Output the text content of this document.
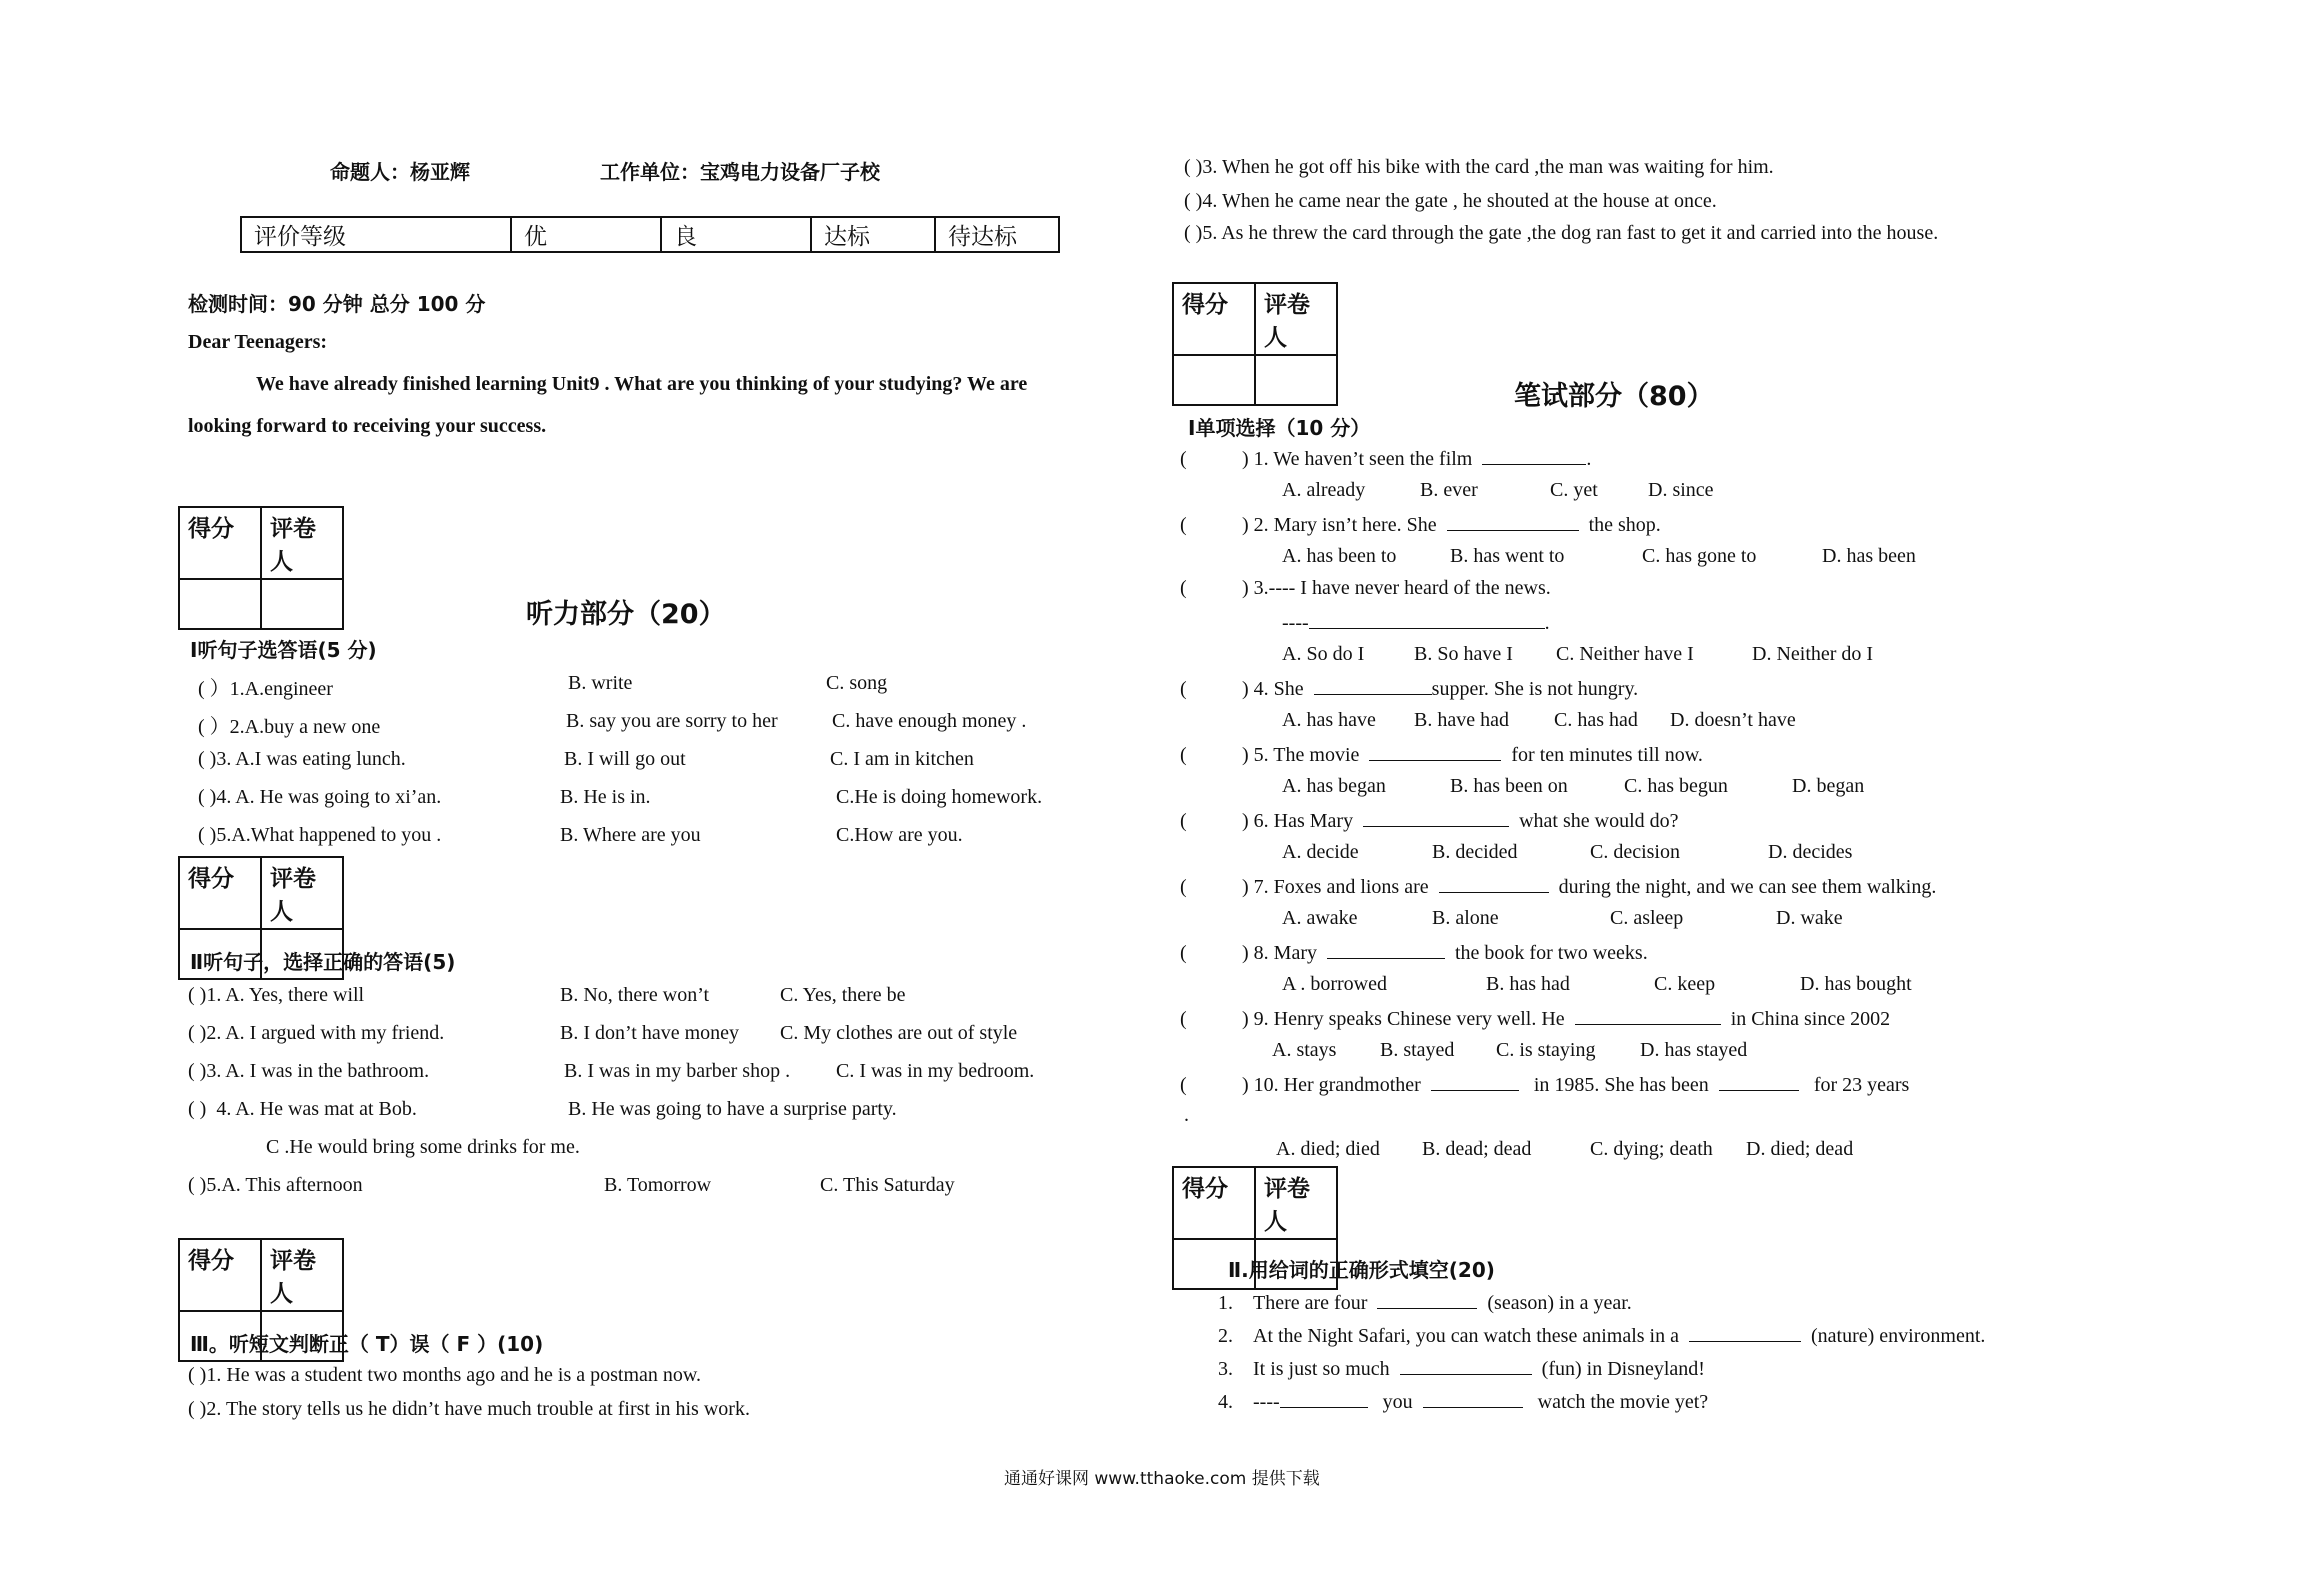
命题人：杨亚辉	工作单位：宝鸡电力设备厂子校
评价等级	优	良	达标	待达标
检测时间：90 分钟 总分 100 分
Dear Teenagers:
We have already finished learning Unit9 . What are you thinking of your studying? We are
looking forward to receiving your success.
得分	评卷人

听力部分（20）
Ⅰ听句子选答语(5 分)
( ）1.A.engineer	B. write	C. song
( ）2.A.buy a new one	B. say you are sorry to her	C. have enough money .
( )3. A.I was eating lunch.	B. I will go out	C. I am in kitchen
( )4. A. He was going to xi’an.	B. He is in.	C.He is doing homework.
( )5.A.What happened to you .	B. Where are you	C.How are you.
得分	评卷人

Ⅱ听句子，选择正确的答语(5)
( )1. A. Yes, there will	B. No, there won’t	C. Yes, there be
( )2. A. I argued with my friend.	B. I don’t have money C. My clothes are out of style
( )3. A. I was in the bathroom.	B. I was in my barber shop . C. I was in my bedroom.
( ) 4. A. He was mat at Bob.	B. He was going to have a surprise party.
C .He would bring some drinks for me.
( )5.A. This afternoon	B. Tomorrow	C. This Saturday
得分	评卷人

Ⅲ。听短文判断正（ T）误（ F ）(10)
( )1. He was a student two months ago and he is a postman now.
( )2. The story tells us he didn’t have much trouble at first in his work.
( )3. When he got off his bike with the card ,the man was waiting for him.
( )4. When he came near the gate , he shouted at the house at once.
( )5. As he threw the card through the gate ,the dog ran fast to get it and carried into the house.
得分	评卷人

笔试部分（80）
Ⅰ单项选择（10 分）
(	) 1. We haven’t seen the film	.
A. already	B. ever	C. yet	D. since
(	) 2. Mary isn’t here. She	the shop.
A. has been to	B. has went to	C. has gone to	D. has been
(	) 3.---- I have never heard of the news.
----	.
A. So do I B. So have I C. Neither have I	D. Neither do I
(	) 4. She	supper. She is not hungry.
A. has have B. have had C. has had D. doesn’t have
(	) 5. The movie	for ten minutes till now.
A. has began	B. has been on	C. has begun	D. began
(	) 6. Has Mary	what she would do?
A. decide	B. decided	C. decision	D. decides
(	) 7. Foxes and lions are	during the night, and we can see them walking.
A. awake	B. alone	C. asleep	D. wake
(	) 8. Mary	the book for two weeks.
A . borrowed	B. has had	C. keep	D. has bought
(	) 9. Henry speaks Chinese very well. He	in China since 2002
A. stays B. stayed C. is staying D. has stayed
(	) 10. Her grandmother	in 1985. She has been	for 23 years
.
A. died; died B. dead; dead	C. dying; death D. died; dead
得分	评卷人

Ⅱ.用给词的正确形式填空(20)
1. There are four	(season) in a year.
2. At the Night Safari, you can watch these animals in a	(nature) environment.
3. It is just so much	(fun) in Disneyland!
4. ----	you	watch the movie yet?
通通好课网 www.tthaoke.com 提供下载
